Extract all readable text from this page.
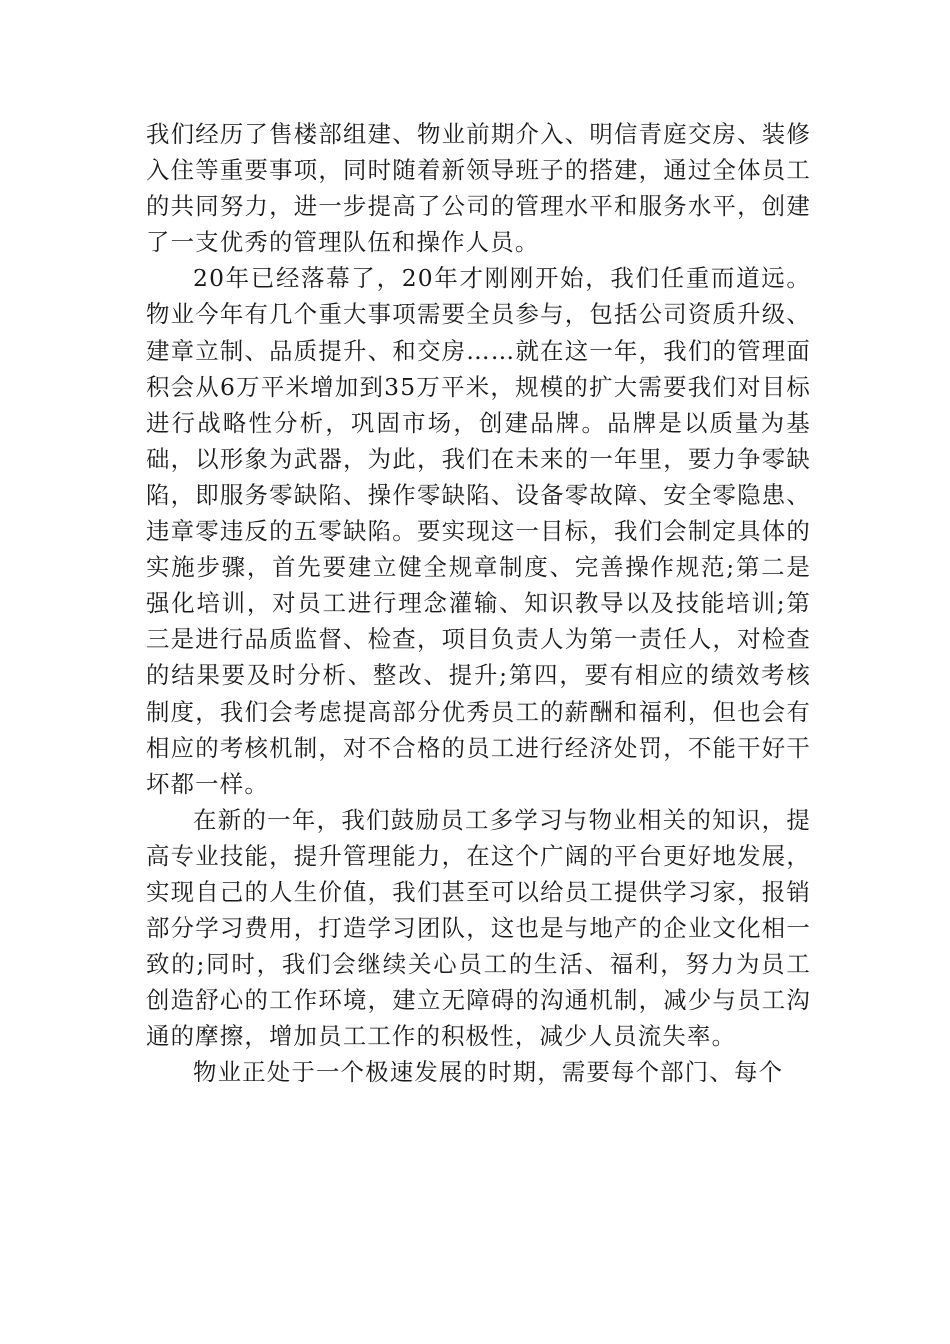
我们经历了售楼部组建、物业前期介入、明信青庭交房、装修入住等重要事项，同时随着新领导班子的搭建，通过全体员工的共同努力，进一步提高了公司的管理水平和服务水平，创建了一支优秀的管理队伍和操作人员。

20年已经落幕了，20年才刚刚开始，我们任重而道远。物业今年有几个重大事项需要全员参与，包括公司资质升级、建章立制、品质提升、和交房……就在这一年，我们的管理面积会从6万平米增加到35万平米，规模的扩大需要我们对目标进行战略性分析，巩固市场，创建品牌。品牌是以质量为基础，以形象为武器，为此，我们在未来的一年里，要力争零缺陷，即服务零缺陷、操作零缺陷、设备零故障、安全零隐患、违章零违反的五零缺陷。要实现这一目标，我们会制定具体的实施步骤，首先要建立健全规章制度、完善操作规范;第二是强化培训，对员工进行理念灌输、知识教导以及技能培训;第三是进行品质监督、检查，项目负责人为第一责任人，对检查的结果要及时分析、整改、提升;第四，要有相应的绩效考核制度，我们会考虑提高部分优秀员工的薪酬和福利，但也会有相应的考核机制，对不合格的员工进行经济处罚，不能干好干坏都一样。

在新的一年，我们鼓励员工多学习与物业相关的知识，提高专业技能，提升管理能力，在这个广阔的平台更好地发展，实现自己的人生价值，我们甚至可以给员工提供学习家，报销部分学习费用，打造学习团队，这也是与地产的企业文化相一致的;同时，我们会继续关心员工的生活、福利，努力为员工创造舒心的工作环境，建立无障碍的沟通机制，减少与员工沟通的摩擦，增加员工工作的积极性，减少人员流失率。

物业正处于一个极速发展的时期，需要每个部门、每个
